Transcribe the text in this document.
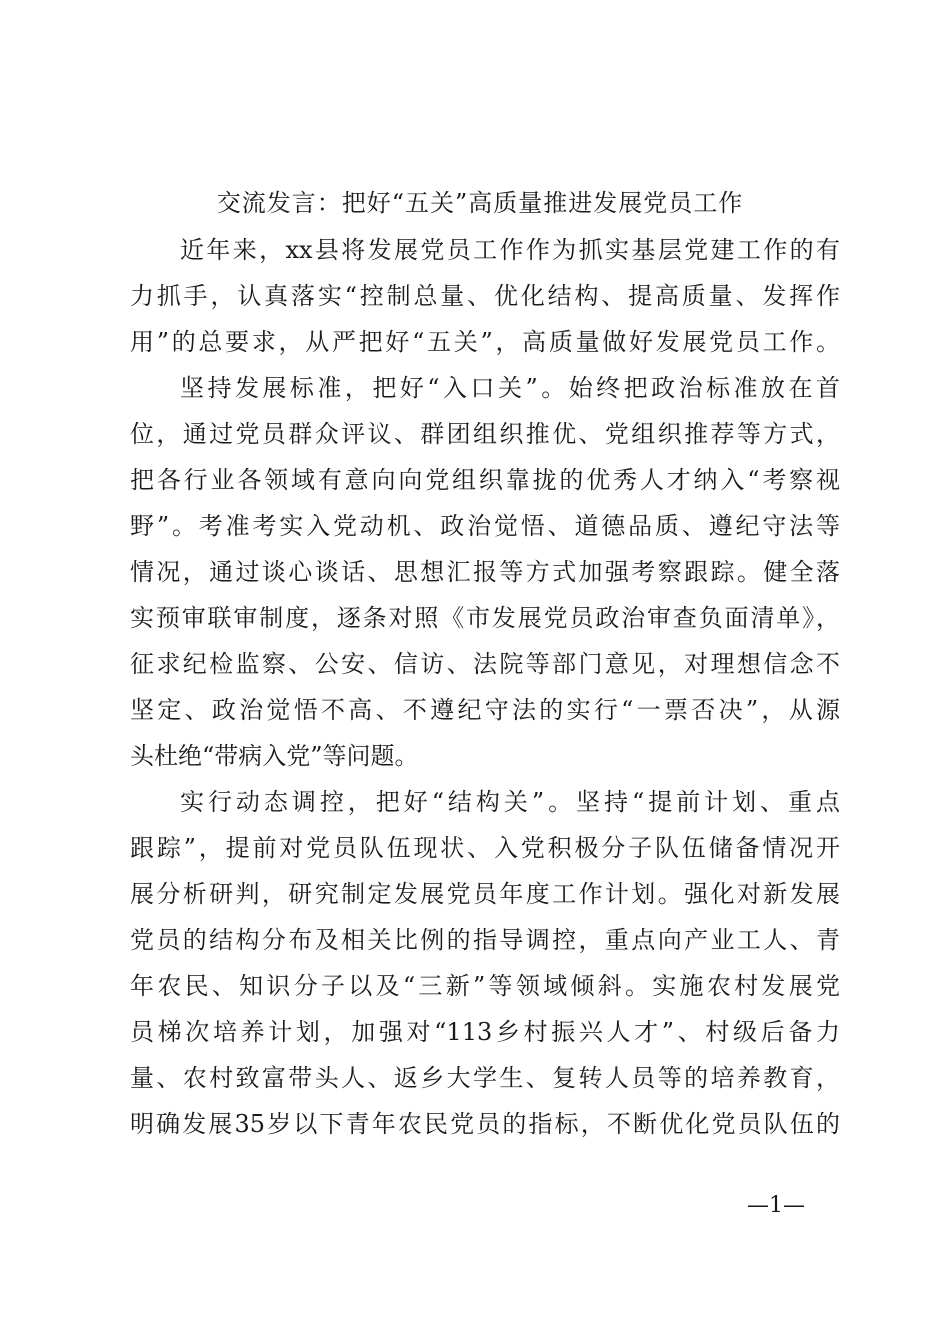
交流发言：把好“五关”高质量推进发展党员工作
近年来，xx县将发展党员工作作为抓实基层党建工作的有
力抓手，认真落实“控制总量、优化结构、提高质量、发挥作
用”的总要求，从严把好“五关”，高质量做好发展党员工作。
坚持发展标准，把好“入口关”。始终把政治标准放在首
位，通过党员群众评议、群团组织推优、党组织推荐等方式，
把各行业各领域有意向向党组织靠拢的优秀人才纳入“考察视
野”。考准考实入党动机、政治觉悟、道德品质、遵纪守法等
情况，通过谈心谈话、思想汇报等方式加强考察跟踪。健全落
实预审联审制度，逐条对照《市发展党员政治审查负面清单》，
征求纪检监察、公安、信访、法院等部门意见，对理想信念不
坚定、政治觉悟不高、不遵纪守法的实行“一票否决”，从源
头杜绝“带病入党”等问题。
实行动态调控，把好“结构关”。坚持“提前计划、重点
跟踪”，提前对党员队伍现状、入党积极分子队伍储备情况开
展分析研判，研究制定发展党员年度工作计划。强化对新发展
党员的结构分布及相关比例的指导调控，重点向产业工人、青
年农民、知识分子以及“三新”等领域倾斜。实施农村发展党
员梯次培养计划，加强对“113乡村振兴人才”、村级后备力
量、农村致富带头人、返乡大学生、复转人员等的培养教育，
明确发展35岁以下青年农民党员的指标，不断优化党员队伍的
—1—
